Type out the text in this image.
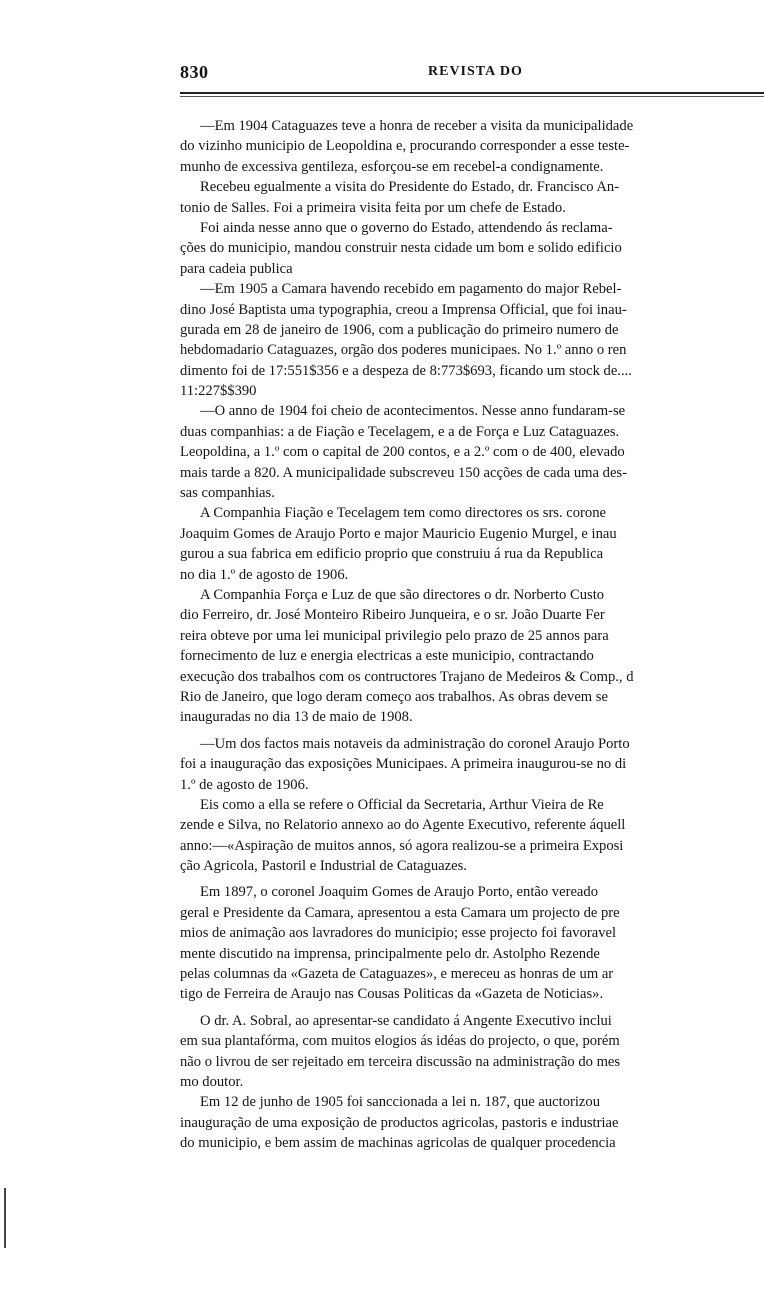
830	REVISTA DO
—Em 1904 Cataguazes teve a honra de receber a visita da municipalidade
do vizinho municipio de Leopoldina e, procurando corresponder a esse teste-
munho de excessiva gentileza, esforçou-se em recebel-a condignamente.
Recebeu egualmente a visita do Presidente do Estado, dr. Francisco An-
tonio de Salles. Foi a primeira visita feita por um chefe de Estado.
Foi ainda nesse anno que o governo do Estado, attendendo ás reclama-
ções do municipio, mandou construir nesta cidade um bom e solido edificio
para cadeia publica
—Em 1905 a Camara havendo recebido em pagamento do major Rebel-
dino José Baptista uma typographia, creou a Imprensa Official, que foi inau-
gurada em 28 de janeiro de 1906, com a publicação do primeiro numero de
hebdomadario Cataguazes, orgão dos poderes municipaes. No 1.º anno o ren
dimento foi de 17:551$356 e a despeza de 8:773$693, ficando um stock de....
11:227$$390
—O anno de 1904 foi cheio de acontecimentos. Nesse anno fundaram-se
duas companhias: a de Fiação e Tecelagem, e a de Força e Luz Cataguazes.
Leopoldina, a 1.º com o capital de 200 contos, e a 2.º com o de 400, elevado
mais tarde a 820. A municipalidade subscreveu 150 acções de cada uma des-
sas companhias.
A Companhia Fiação e Tecelagem tem como directores os srs. corone
Joaquim Gomes de Araujo Porto e major Mauricio Eugenio Murgel, e inau
gurou a sua fabrica em edificio proprio que construiu á rua da Republica
no dia 1.º de agosto de 1906.
A Companhia Força e Luz de que são directores o dr. Norberto Custo
dio Ferreiro, dr. José Monteiro Ribeiro Junqueira, e o sr. João Duarte Fer
reira obteve por uma lei municipal privilegio pelo prazo de 25 annos para
fornecimento de luz e energia electricas a este municipio, contractando
execução dos trabalhos com os contructores Trajano de Medeiros & Comp., d
Rio de Janeiro, que logo deram começo aos trabalhos. As obras devem se
inauguradas no dia 13 de maio de 1908.
—Um dos factos mais notaveis da administração do coronel Araujo Porto
foi a inauguração das exposições Municipaes. A primeira inaugurou-se no di
1.º de agosto de 1906.
Eis como a ella se refere o Official da Secretaria, Arthur Vieira de Re
zende e Silva, no Relatorio annexo ao do Agente Executivo, referente áquell
anno:—«Aspiração de muitos annos, só agora realizou-se a primeira Exposi
ção Agricola, Pastoril e Industrial de Cataguazes.
Em 1897, o coronel Joaquim Gomes de Araujo Porto, então vereado
geral e Presidente da Camara, apresentou a esta Camara um projecto de pre
mios de animação aos lavradores do municipio; esse projecto foi favoravel
mente discutido na imprensa, principalmente pelo dr. Astolpho Rezende
pelas columnas da «Gazeta de Cataguazes», e mereceu as honras de um ar
tigo de Ferreira de Araujo nas Cousas Politicas da «Gazeta de Noticias».
O dr. A. Sobral, ao apresentar-se candidato á Angente Executivo inclui
em sua plantafórma, com muitos elogios ás idéas do projecto, o que, porém
não o livrou de ser rejeitado em terceira discussão na administração do mes
mo doutor.
Em 12 de junho de 1905 foi sanccionada a lei n. 187, que auctorizou
inauguração de uma exposição de productos agricolas, pastoris e industriae
do municipio, e bem assim de machinas agricolas de qualquer procedencia
